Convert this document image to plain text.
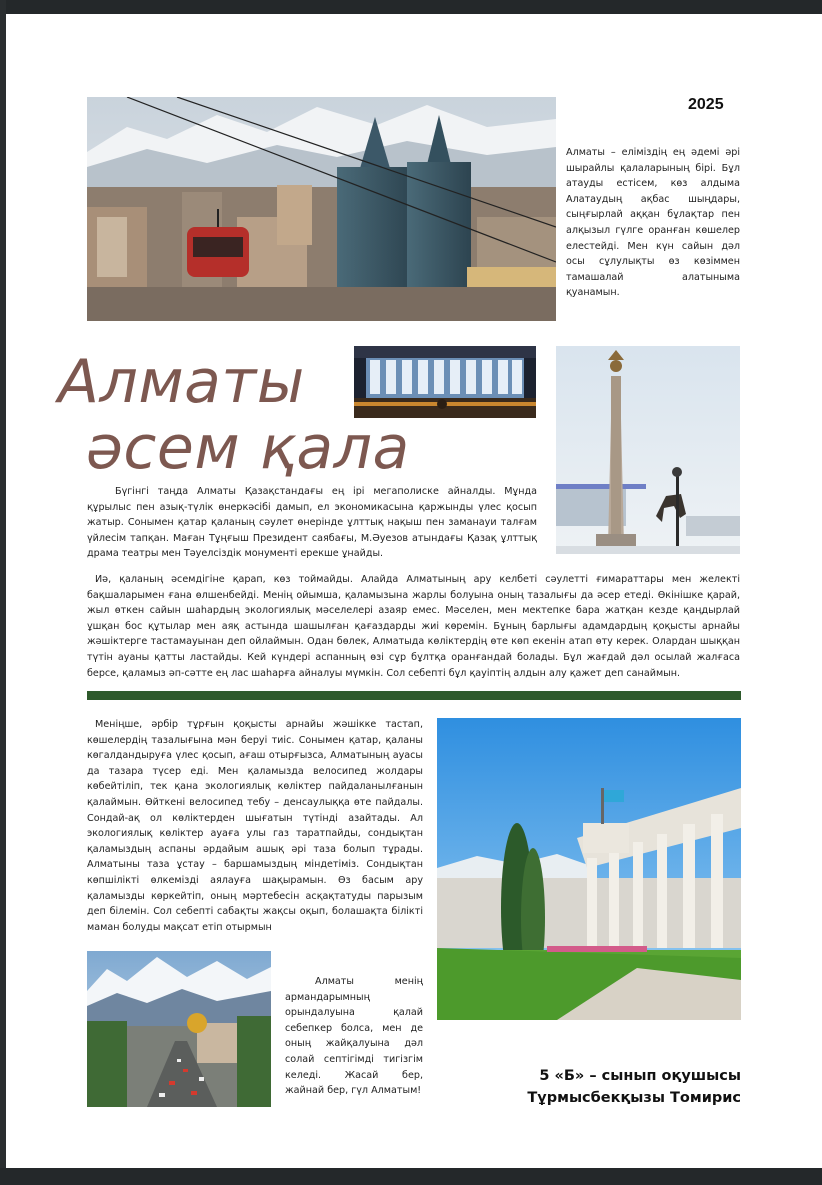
2025
Алматы – еліміздің ең әдемі әрі шырайлы қалаларының бірі. Бұл атауды естісем, көз алдыма Алатаудың ақбас шыңдары, сыңғырлай аққан бұлақтар пен алқызыл гүлге оранған көшелер елестейді. Мен күн сайын дәл осы сұлулықты өз көзіммен тамашалай алатыныма қуанамын.
Алматы
әсем қала
Бүгінгі таңда Алматы Қазақстандағы ең ірі мегаполиске айналды. Мұнда құрылыс пен азық-түлік өнеркәсібі дамып, ел экономикасына қаржынды үлес қосып жатыр. Сонымен қатар қаланың сәулет өнерінде ұлттық нақыш пен заманауи талғам үйлесім тапқан. Маған Тұңғыш Президент саябағы, М.Әуезов атындағы Қазақ ұлттық драма театры мен Тәуелсіздік монументі ерекше ұнайды.
Иә, қаланың әсемдігіне қарап, көз тоймайды. Алайда Алматының ару келбеті сәулетті ғимараттары мен желекті бақшаларымен ғана өлшенбейді. Менің ойымша, қаламызына жарлы болуына оның тазалығы да әсер етеді. Өкінішке қарай, жыл өткен сайын шаһардың экологиялық мәселелері азаяр емес. Мәселен, мен мектепке бара жатқан кезде қаңдырлай ұшқан бос құтылар мен аяқ астында шашылған қағаздарды жиі көремін. Бұның барлығы адамдардың қоқысты арнайы жәшіктерге тастамауынан деп ойлаймын. Одан бөлек, Алматыда көліктердің өте көп екенін атап өту керек. Олардан шыққан түтін ауаны қатты ластайды. Кей күндері аспанның өзі сұр бұлтқа оранғандай болады. Бұл жағдай дәл осылай жалғаса берсе, қаламыз әп-сәтте ең лас шаһарға айналуы мүмкін. Сол себепті бұл қауіптің алдын алу қажет деп санаймын.
Меніңше, әрбір тұрғын қоқысты арнайы жәшікке тастап, көшелердің тазалығына мән беруі тиіс. Сонымен қатар, қаланы көгалдандыруға үлес қосып, ағаш отырғызса, Алматының ауасы да тазара түсер еді. Мен қаламызда велосипед жолдары көбейтіліп, тек қана экологиялық көліктер пайдаланылғанын қалаймын. Өйткені велосипед тебу – денсаулыққа өте пайдалы. Сондай-ақ ол көліктерден шығатын түтінді азайтады. Ал экологиялық көліктер ауаға улы газ таратпайды, сондықтан қаламыздың аспаны әрдайым ашық әрі таза болып тұрады. Алматыны таза ұстау – баршамыздың міндетіміз. Сондықтан көпшілікті өлкемізді аялауға шақырамын. Өз басым ару қаламызды көркейтіп, оның мәртебесін асқақтатуды парызым деп білемін. Сол себепті сабақты жақсы оқып, болашақта білікті маман болуды мақсат етіп отырмын
Алматы менің армандарымның орындалуына қалай себепкер болса, мен де оның жайқалуына дәл солай септігімді тигізгім келеді. Жасай бер, жайнай бер, гүл Алматым!
5 «Б» – сынып оқушысы
Тұрмысбекқызы Томирис
